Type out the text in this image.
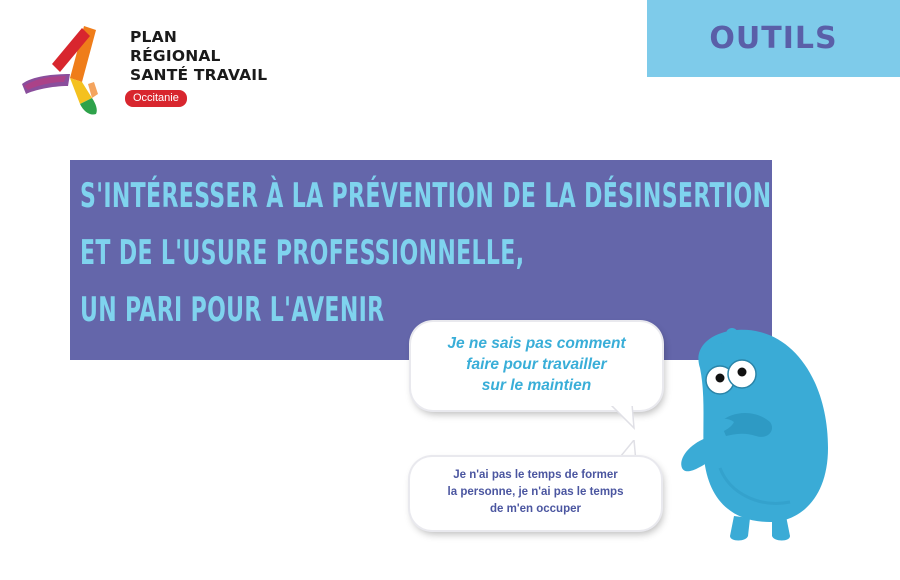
PLAN
RÉGIONAL
SANTÉ TRAVAIL
Occitanie
OUTILS
S'INTÉRESSER À LA PRÉVENTION DE LA DÉSINSERTION
ET DE L'USURE PROFESSIONNELLE,
UN PARI POUR L'AVENIR
Je ne sais pas comment
faire pour travailler
sur le maintien
Je n'ai pas le temps de former
la personne, je n'ai pas le temps
de m'en occuper
